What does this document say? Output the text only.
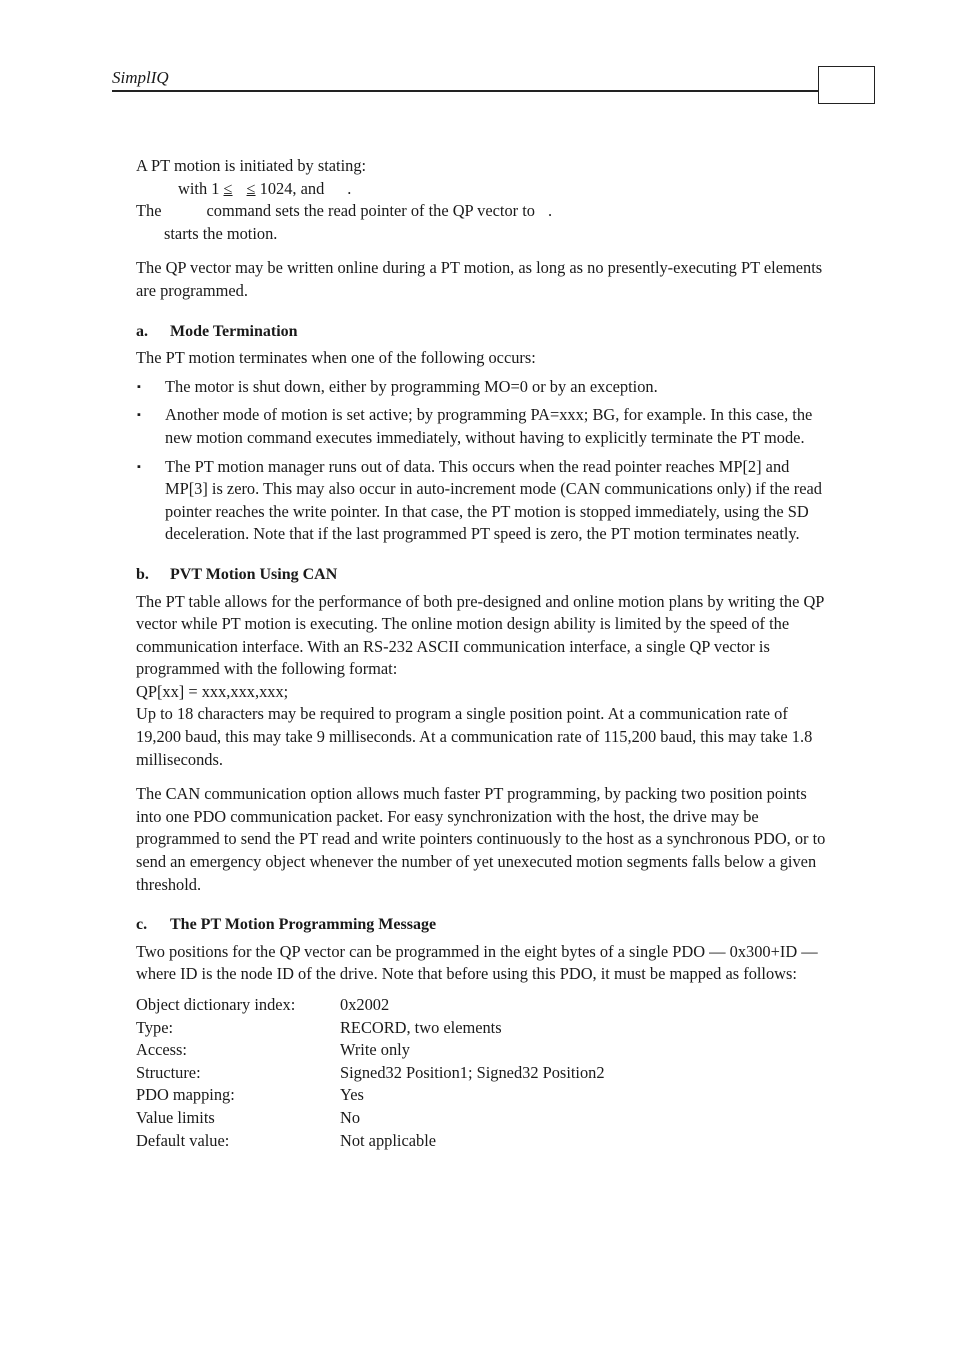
SimplIQ

A PT motion is initiated by stating:

with 1 ≤ ≤ 1024, and .

The	command sets the read pointer of the QP vector to .

starts the motion.

The QP vector may be written online during a PT motion, as long as no presently-executing PT elements are programmed.

a. Mode Termination

The PT motion terminates when one of the following occurs:

▪ The motor is shut down, either by programming MO=0 or by an exception.
▪ Another mode of motion is set active; by programming PA=xxx; BG, for example. In this case, the new motion command executes immediately, without having to explicitly terminate the PT mode.
▪ The PT motion manager runs out of data. This occurs when the read pointer reaches MP[2] and MP[3] is zero. This may also occur in auto-increment mode (CAN communications only) if the read pointer reaches the write pointer. In that case, the PT motion is stopped immediately, using the SD deceleration. Note that if the last programmed PT speed is zero, the PT motion terminates neatly.
b. PVT Motion Using CAN

The PT table allows for the performance of both pre-designed and online motion plans by writing the QP vector while PT motion is executing. The online motion design ability is limited by the speed of the communication interface. With an RS-232 ASCII communication interface, a single QP vector is programmed with the following format:

QP[xx] = xxx,xxx,xxx;

Up to 18 characters may be required to program a single position point. At a communication rate of 19,200 baud, this may take 9 milliseconds. At a communication rate of 115,200 baud, this may take 1.8 milliseconds.

The CAN communication option allows much faster PT programming, by packing two position points into one PDO communication packet. For easy synchronization with the host, the drive may be programmed to send the PT read and write pointers continuously to the host as a synchronous PDO, or to send an emergency object whenever the number of yet unexecuted motion segments falls below a given threshold.

c. The PT Motion Programming Message

Two positions for the QP vector can be programmed in the eight bytes of a single PDO — 0x300+ID — where ID is the node ID of the drive. Note that before using this PDO, it must be mapped as follows:

Object dictionary index:	0x2002
Type:	RECORD, two elements
Access:	Write only
Structure:	Signed32 Position1; Signed32 Position2
PDO mapping:	Yes
Value limits	No
Default value:	Not applicable
